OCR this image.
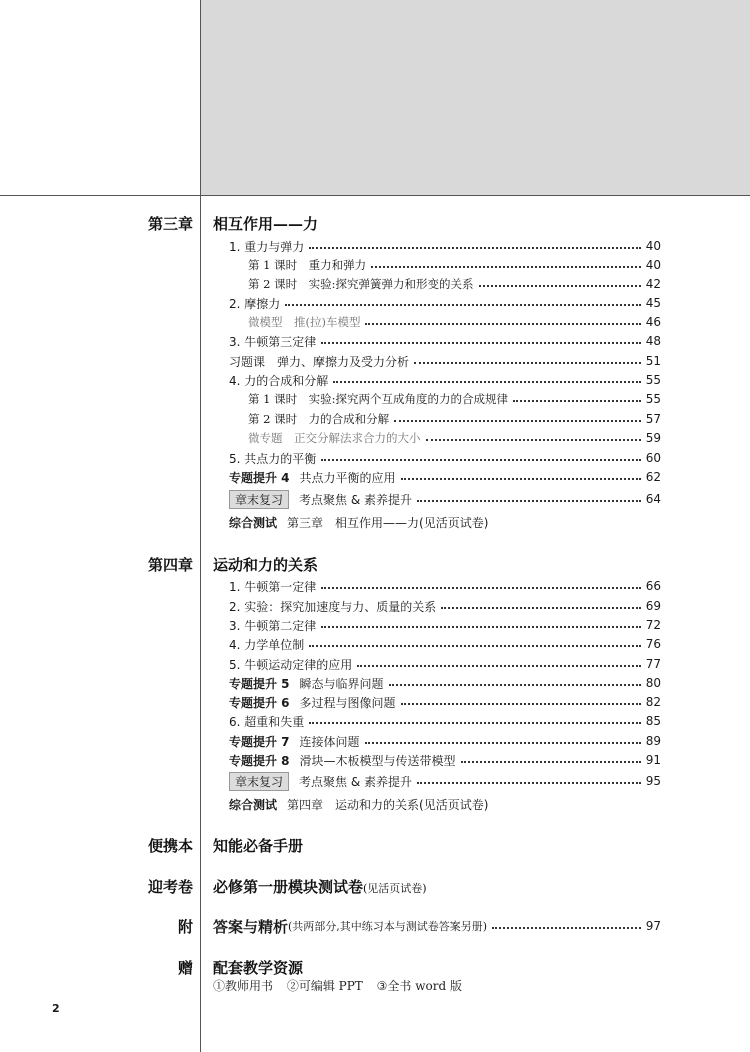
第三章 相互作用——力
1. 重力与弹力	40
第 1 课时　重力和弹力	40
第 2 课时　实验:探究弹簧弹力和形变的关系	42
2. 摩擦力	45
微模型　推(拉)车模型	46
3. 牛顿第三定律	48
习题课　弹力、摩擦力及受力分析	51
4. 力的合成和分解	55
第 1 课时　实验:探究两个互成角度的力的合成规律	55
第 2 课时　力的合成和分解	57
微专题　正交分解法求合力的大小	59
5. 共点力的平衡	60
专题提升 4 共点力平衡的应用	62
章末复习	考点聚焦 & 素养提升	64
综合测试 第三章　相互作用——力(见活页试卷)
第四章 运动和力的关系
1. 牛顿第一定律	66
2. 实验：探究加速度与力、质量的关系	69
3. 牛顿第二定律	72
4. 力学单位制	76
5. 牛顿运动定律的应用	77
专题提升 5 瞬态与临界问题	80
专题提升 6 多过程与图像问题	82
6. 超重和失重	85
专题提升 7 连接体问题	89
专题提升 8 滑块—木板模型与传送带模型	91
章末复习	考点聚焦 & 素养提升	95
综合测试 第四章　运动和力的关系(见活页试卷)
便携本 知能必备手册
迎考卷 必修第一册模块测试卷(见活页试卷)
附 答案与精析 (共两部分,其中练习本与测试卷答案另册)	97
赠 配套教学资源
①教师用书 ②可编辑 PPT ③全书 word 版
2
